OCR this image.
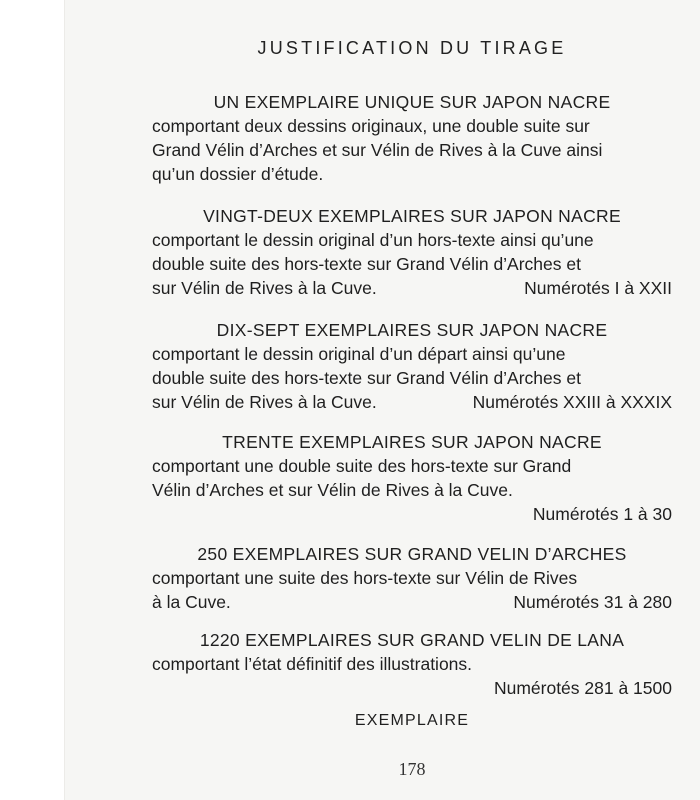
JUSTIFICATION DU TIRAGE
UN EXEMPLAIRE UNIQUE SUR JAPON NACRE
comportant deux dessins originaux, une double suite sur
Grand Vélin d’Arches et sur Vélin de Rives à la Cuve ainsi
qu’un dossier d’étude.
VINGT-DEUX EXEMPLAIRES SUR JAPON NACRE
comportant le dessin original d’un hors-texte ainsi qu’une
double suite des hors-texte sur Grand Vélin d’Arches et
sur Vélin de Rives à la Cuve.	Numérotés I à XXII
DIX-SEPT EXEMPLAIRES SUR JAPON NACRE
comportant le dessin original d’un départ ainsi qu’une
double suite des hors-texte sur Grand Vélin d’Arches et
sur Vélin de Rives à la Cuve.	Numérotés XXIII à XXXIX
TRENTE EXEMPLAIRES SUR JAPON NACRE
comportant une double suite des hors-texte sur Grand
Vélin d’Arches et sur Vélin de Rives à la Cuve.
Numérotés 1 à 30
250 EXEMPLAIRES SUR GRAND VELIN D’ARCHES
comportant une suite des hors-texte sur Vélin de Rives
à la Cuve.	Numérotés 31 à 280
1220 EXEMPLAIRES SUR GRAND VELIN DE LANA
comportant l’état définitif des illustrations.
Numérotés 281 à 1500
EXEMPLAIRE
178
